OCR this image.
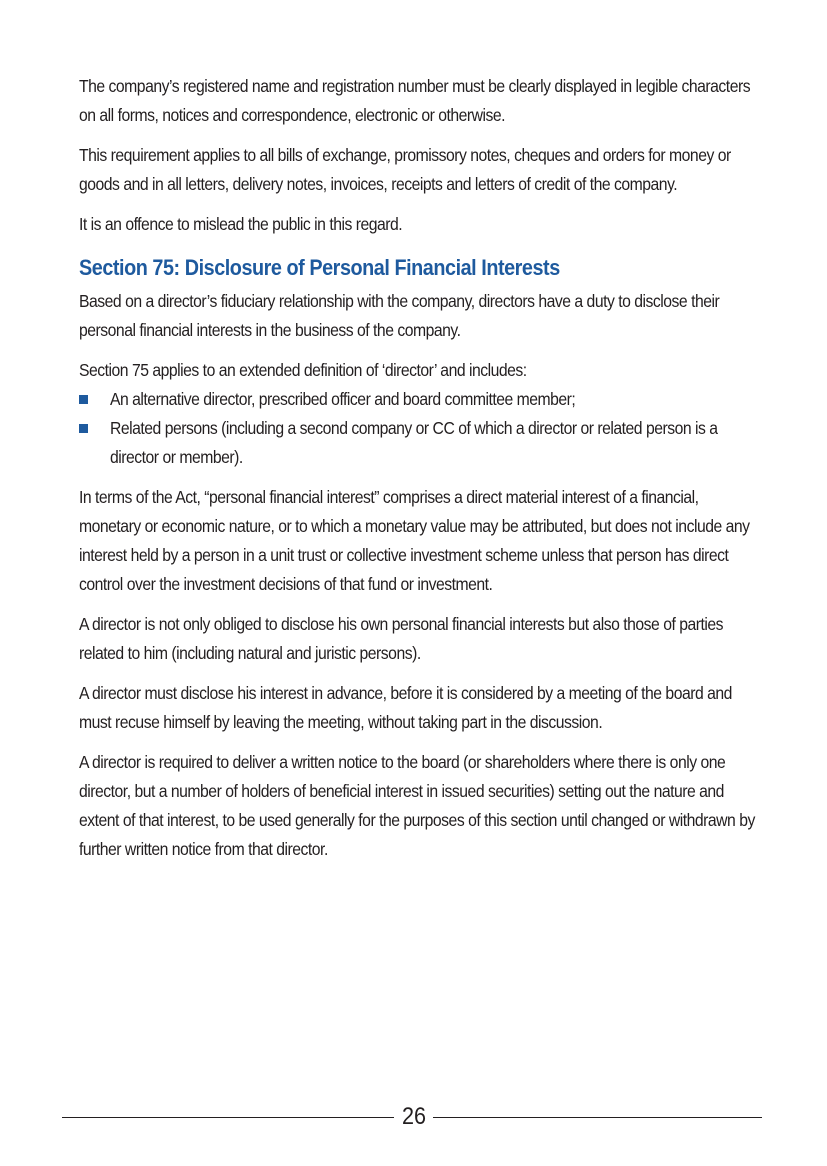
The company’s registered name and registration number must be clearly displayed in legible characters on all forms, notices and correspondence, electronic or otherwise.

This requirement applies to all bills of exchange, promissory notes, cheques and orders for money or goods and in all letters, delivery notes, invoices, receipts and letters of credit of the company.

It is an offence to mislead the public in this regard.

Section 75: Disclosure of Personal Financial Interests

Based on a director’s fiduciary relationship with the company, directors have a duty to disclose their personal financial interests in the business of the company.

Section 75 applies to an extended definition of ‘director’ and includes:

An alternative director, prescribed officer and board committee member;
Related persons (including a second company or CC of which a director or related person is a director or member).

In terms of the Act, “personal financial interest” comprises a direct material interest of a financial, monetary or economic nature, or to which a monetary value may be attributed, but does not include any interest held by a person in a unit trust or collective investment scheme unless that person has direct control over the investment decisions of that fund or investment.

A director is not only obliged to disclose his own personal financial interests but also those of parties related to him (including natural and juristic persons).

A director must disclose his interest in advance, before it is considered by a meeting of the board and must recuse himself by leaving the meeting, without taking part in the discussion.

A director is required to deliver a written notice to the board (or shareholders where there is only one director, but a number of holders of beneficial interest in issued securities) setting out the nature and extent of that interest, to be used generally for the purposes of this section until changed or withdrawn by further written notice from that director.

26
